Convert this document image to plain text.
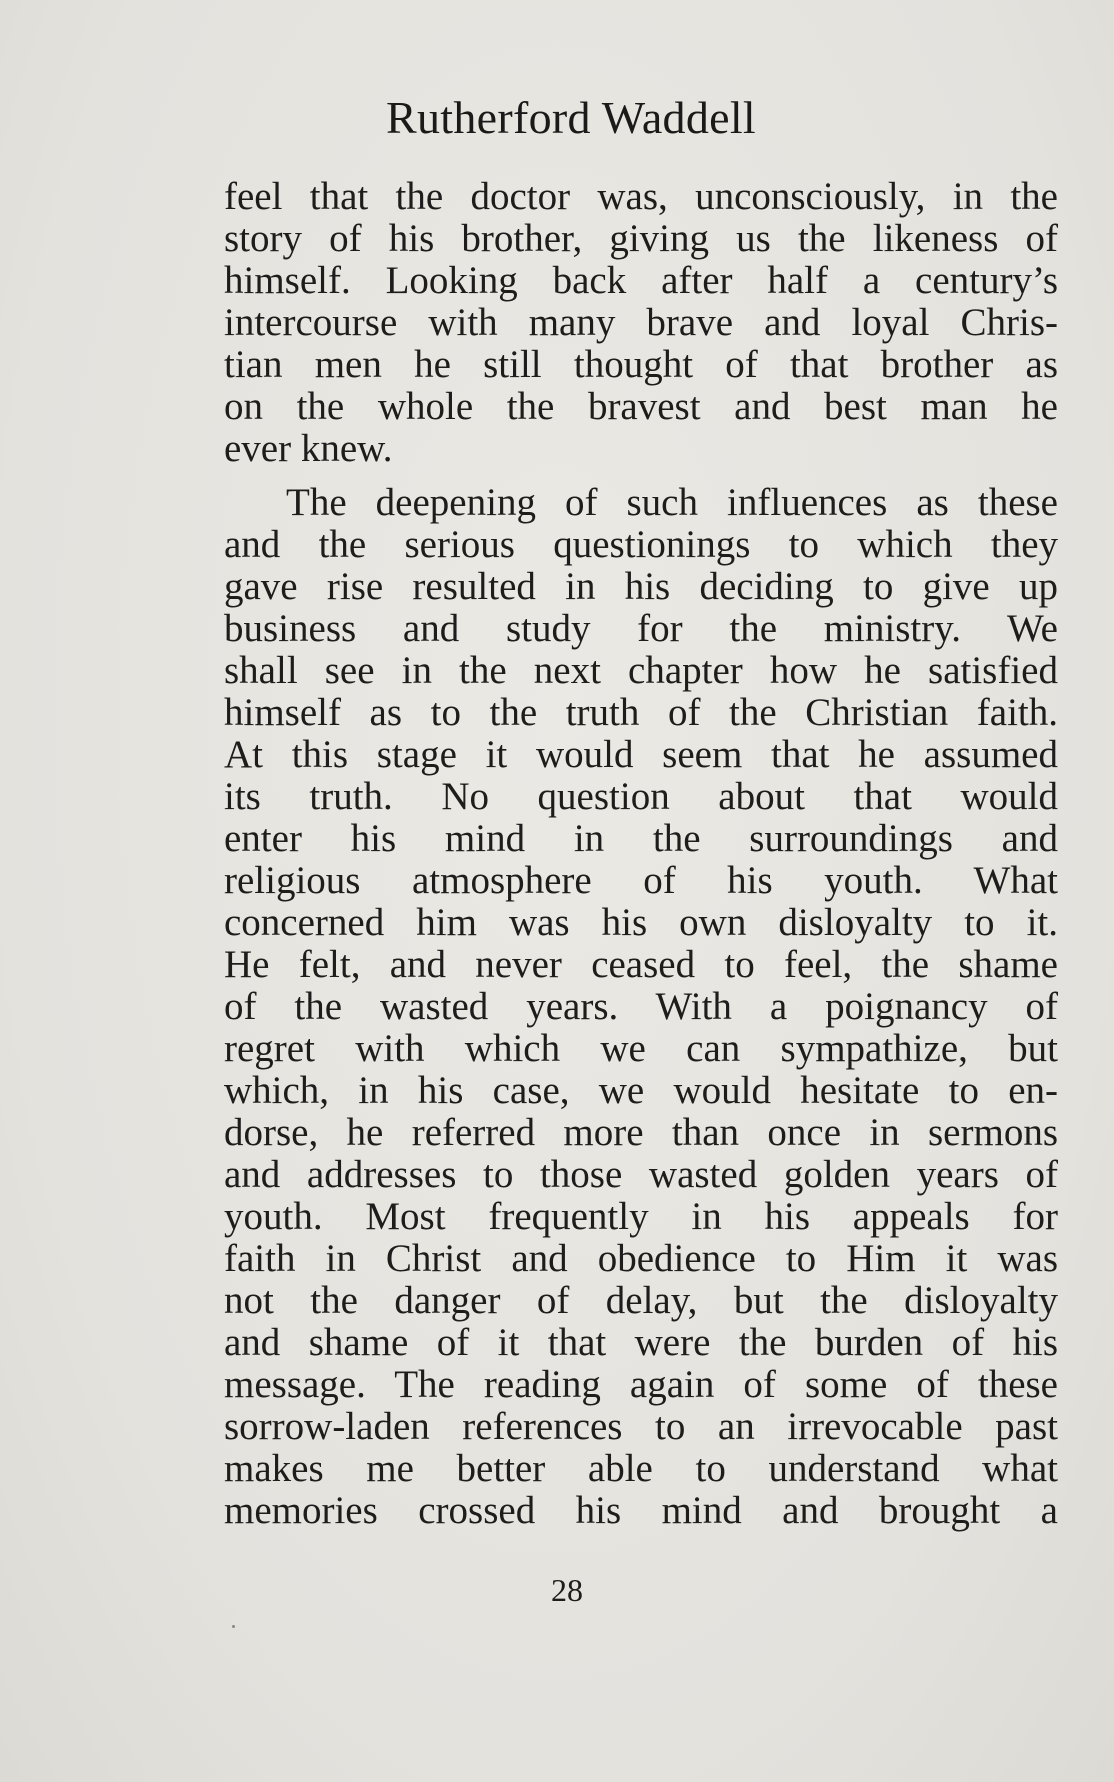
Rutherford Waddell
feel that the doctor was, unconsciously, in the
story of his brother, giving us the likeness of
himself. Looking back after half a century’s
intercourse with many brave and loyal Chris-
tian men he still thought of that brother as
on the whole the bravest and best man he
ever knew.
The deepening of such influences as these
and the serious questionings to which they
gave rise resulted in his deciding to give up
business and study for the ministry. We
shall see in the next chapter how he satisfied
himself as to the truth of the Christian faith.
At this stage it would seem that he assumed
its truth. No question about that would
enter his mind in the surroundings and
religious atmosphere of his youth. What
concerned him was his own disloyalty to it.
He felt, and never ceased to feel, the shame
of the wasted years. With a poignancy of
regret with which we can sympathize, but
which, in his case, we would hesitate to en-
dorse, he referred more than once in sermons
and addresses to those wasted golden years of
youth. Most frequently in his appeals for
faith in Christ and obedience to Him it was
not the danger of delay, but the disloyalty
and shame of it that were the burden of his
message. The reading again of some of these
sorrow-laden references to an irrevocable past
makes me better able to understand what
memories crossed his mind and brought a
28
